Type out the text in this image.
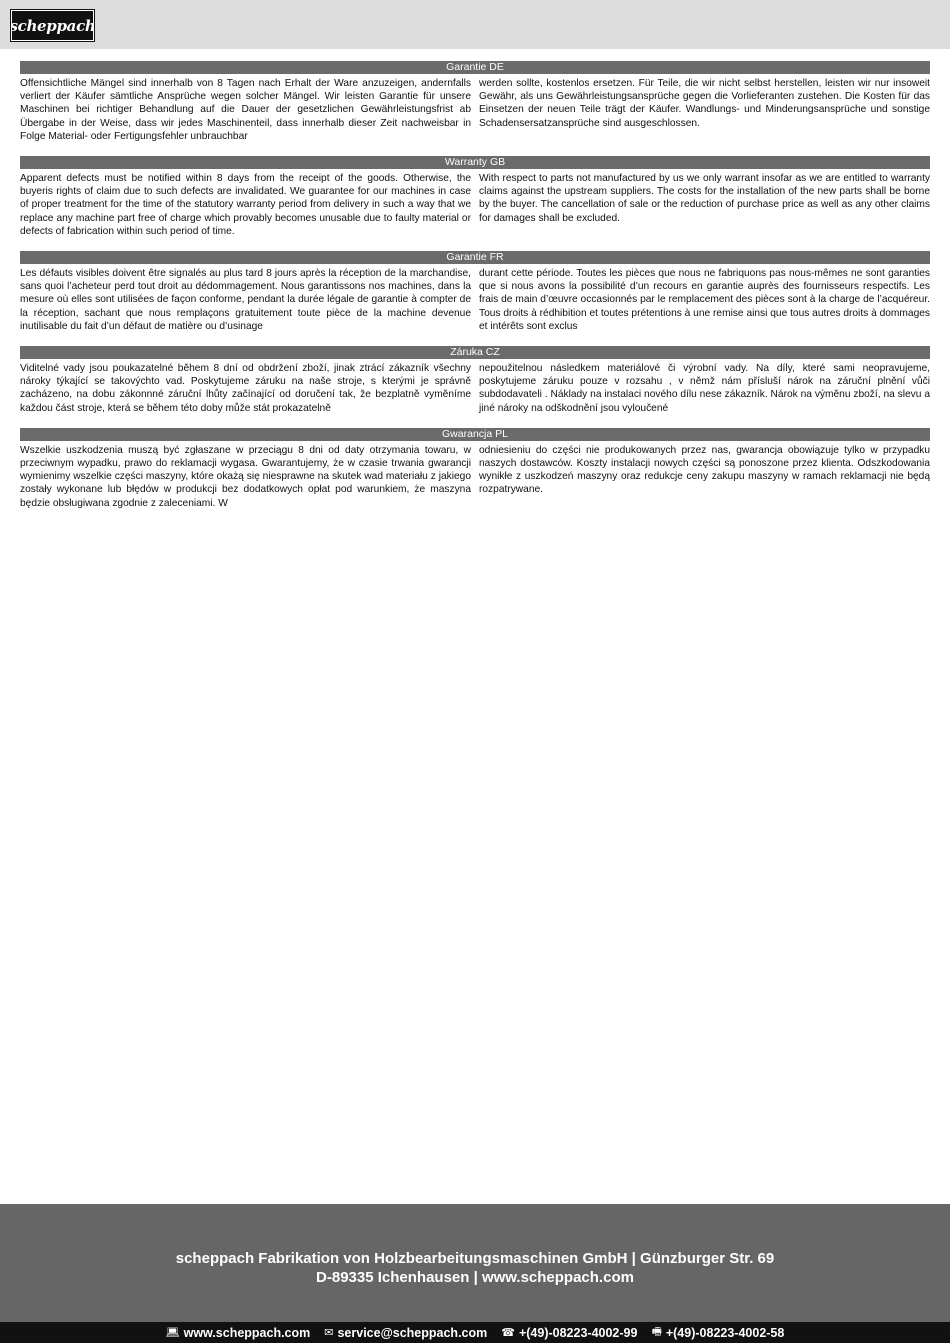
scheppach
Garantie DE
Offensichtliche Mängel sind innerhalb von 8 Tagen nach Erhalt der Ware anzuzeigen, andernfalls verliert der Käufer sämtliche Ansprüche wegen solcher Mängel. Wir leisten Garantie für unsere Maschinen bei richtiger Behandlung auf die Dauer der gesetzlichen Gewährleistungsfrist ab Übergabe in der Weise, dass wir jedes Maschinenteil, dass innerhalb dieser Zeit nachweisbar in Folge Material- oder Fertigungsfehler unbrauchbar
werden sollte, kostenlos ersetzen. Für Teile, die wir nicht selbst herstellen, leisten wir nur insoweit Gewähr, als uns Gewährleistungsansprüche gegen die Vorlieferanten zustehen. Die Kosten für das Einsetzen der neuen Teile trägt der Käufer. Wandlungs- und Minderungsansprüche und sonstige Schadensersatzansprüche sind ausgeschlossen.
Warranty GB
Apparent defects must be notified within 8 days from the receipt of the goods. Otherwise, the buyeris rights of claim due to such defects are invalidated. We guarantee for our machines in case of proper treatment for the time of the statutory warranty period from delivery in such a way that we replace any machine part free of charge which provably becomes unusable due to faulty material or defects of fabrication within such period of time.
With respect to parts not manufactured by us we only warrant insofar as we are entitled to warranty claims against the upstream suppliers. The costs for the installation of the new parts shall be borne by the buyer. The cancellation of sale or the reduction of purchase price as well as any other claims for damages shall be excluded.
Garantie FR
Les défauts visibles doivent être signalés au plus tard 8 jours après la réception de la marchandise, sans quoi l’acheteur perd tout droit au dédommagement. Nous garantissons nos machines, dans la mesure où elles sont utilisées de façon conforme, pendant la durée légale de garantie à compter de la réception, sachant que nous remplaçons gratuitement toute pièce de la machine devenue inutilisable du fait d’un défaut de matière ou d’usinage
durant cette période. Toutes les pièces que nous ne fabriquons pas nous-mêmes ne sont garanties que si nous avons la possibilité d’un recours en garantie auprès des fournisseurs respectifs. Les frais de main d’œuvre occasionnés par le remplacement des pièces sont à la charge de l’acquéreur. Tous droits à rédhibition et toutes prétentions à une remise ainsi que tous autres droits à dommages et intérêts sont exclus
Záruka CZ
Viditelné vady jsou poukazatelné během 8 dní od obdržení zboží, jinak ztrácí zákazník všechny nároky týkající se takovýchto vad. Poskytujeme záruku na naše stroje, s kterými je správně zacházeno, na dobu zákonnné záruční lhůty začínající od doručení tak, že bezplatně vyměníme každou část stroje, která se během této doby může stát prokazatelně
nepoužitelnou následkem materiálové či výrobní vady. Na díly, které sami neopravujeme, poskytujeme záruku pouze v rozsahu , v němž nám přísluší nárok na záruční plnění vůči subdodavateli . Náklady na instalaci nového dílu nese zákazník. Nárok na výměnu zboží, na slevu a jiné nároky na odškodnění jsou vyloučené
Gwarancja PL
Wszelkie uszkodzenia muszą być zgłaszane w przeciągu 8 dni od daty otrzymania towaru, w przeciwnym wypadku, prawo do reklamacji wygasa. Gwarantujemy, że w czasie trwania gwarancji wymienimy wszelkie części maszyny, które okażą się niesprawne na skutek wad materiału z jakiego zostały wykonane lub błędów w produkcji bez dodatkowych opłat pod warunkiem, że maszyna będzie obsługiwana zgodnie z zaleceniami. W
odniesieniu do części nie produkowanych przez nas, gwarancja obowiązuje tylko w przypadku naszych dostawców. Koszty instalacji nowych części są ponoszone przez klienta. Odszkodowania wynikłe z uszkodzeń maszyny oraz redukcje ceny zakupu maszyny w ramach reklamacji nie będą rozpatrywane.
scheppach Fabrikation von Holzbearbeitungsmaschinen GmbH | Günzburger Str. 69
D-89335 Ichenhausen | www.scheppach.com
💻︎ www.scheppach.com ✉︎ service@scheppach.com ☎︎ +(49)-08223-4002-99 🖷︎ +(49)-08223-4002-58
